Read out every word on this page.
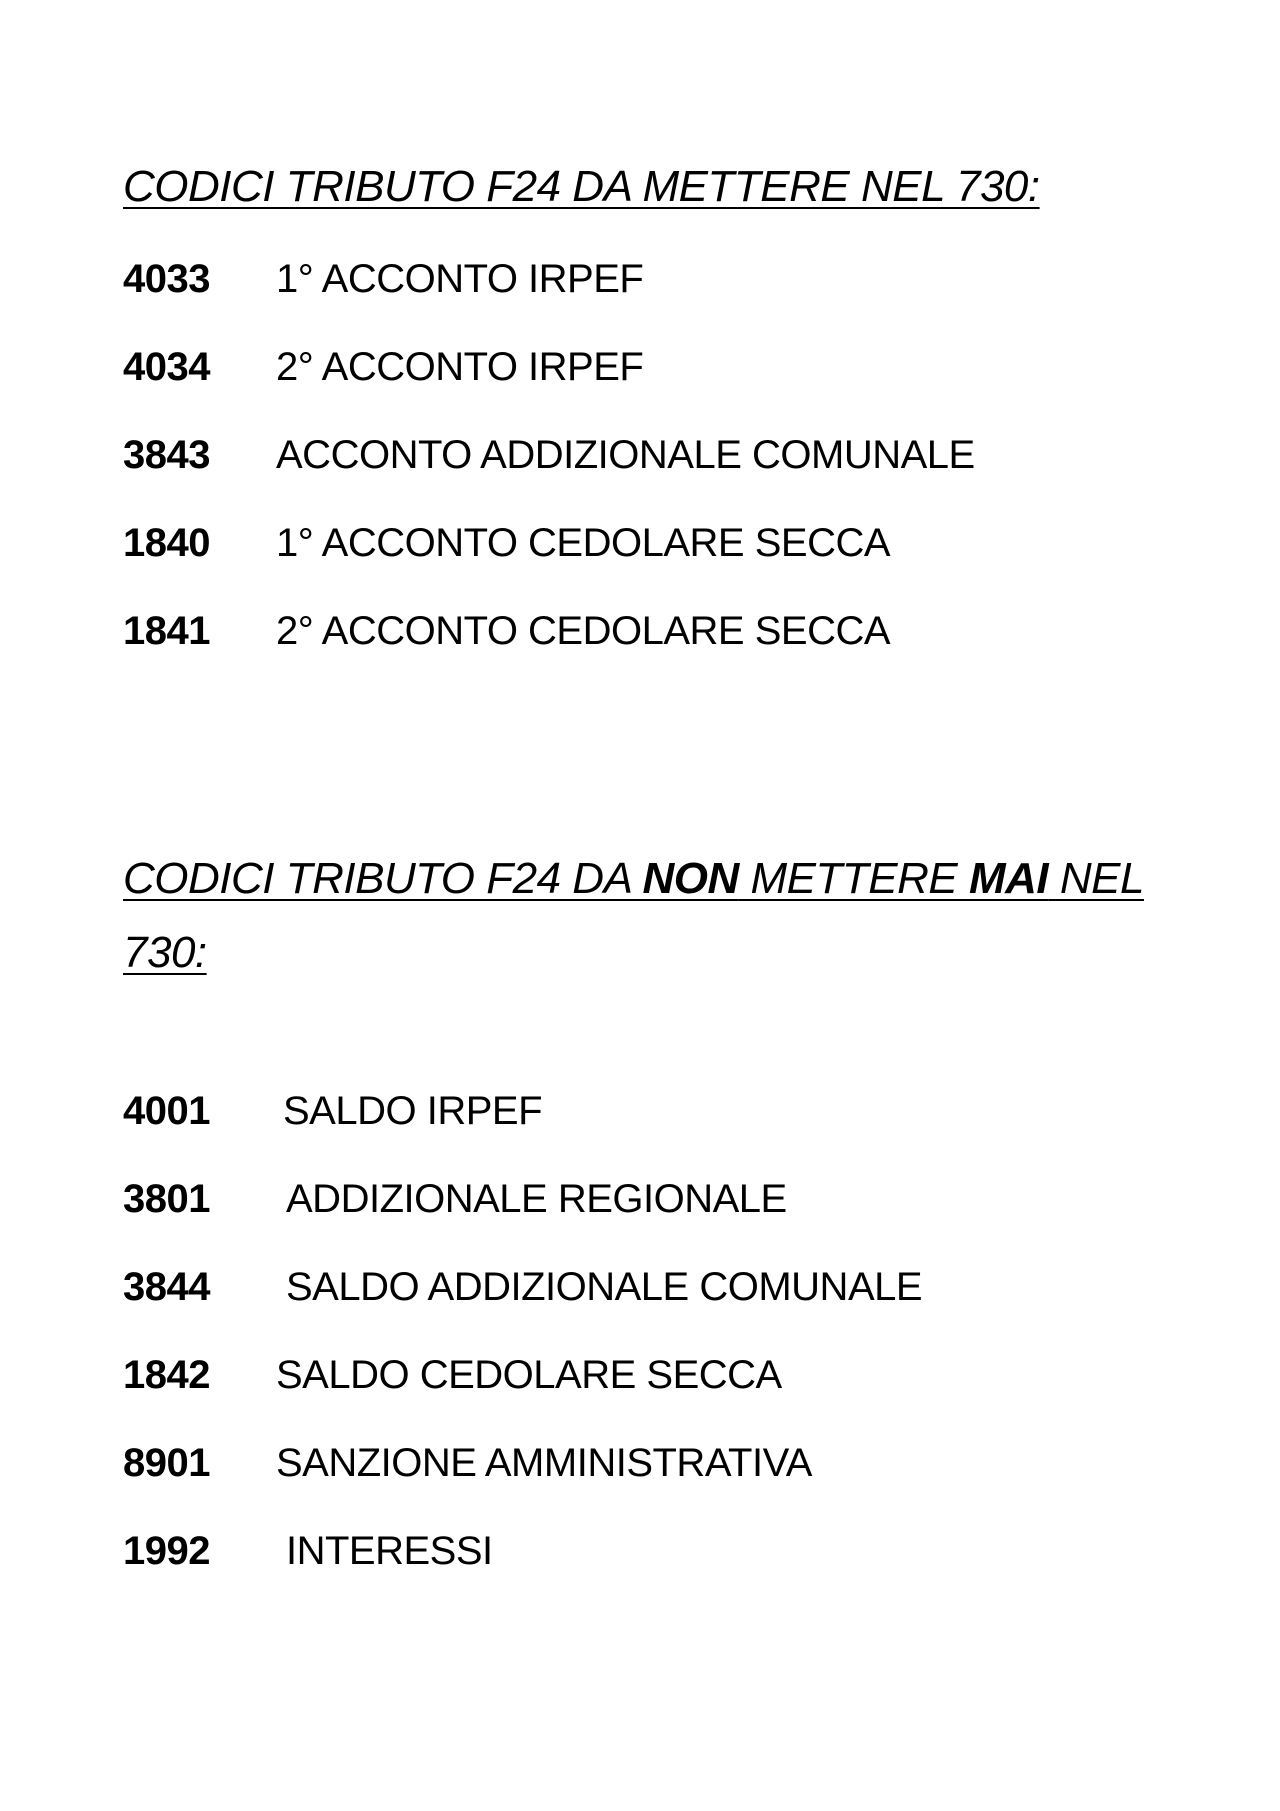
CODICI TRIBUTO F24 DA METTERE NEL 730:
4033 1° ACCONTO IRPEF
4034 2° ACCONTO IRPEF
3843 ACCONTO ADDIZIONALE COMUNALE
1840 1° ACCONTO CEDOLARE SECCA
1841 2° ACCONTO CEDOLARE SECCA
CODICI TRIBUTO F24 DA NON METTERE MAI NEL
730:
4001 SALDO IRPEF
3801 ADDIZIONALE REGIONALE
3844 SALDO ADDIZIONALE COMUNALE
1842 SALDO CEDOLARE SECCA
8901 SANZIONE AMMINISTRATIVA
1992 INTERESSI
